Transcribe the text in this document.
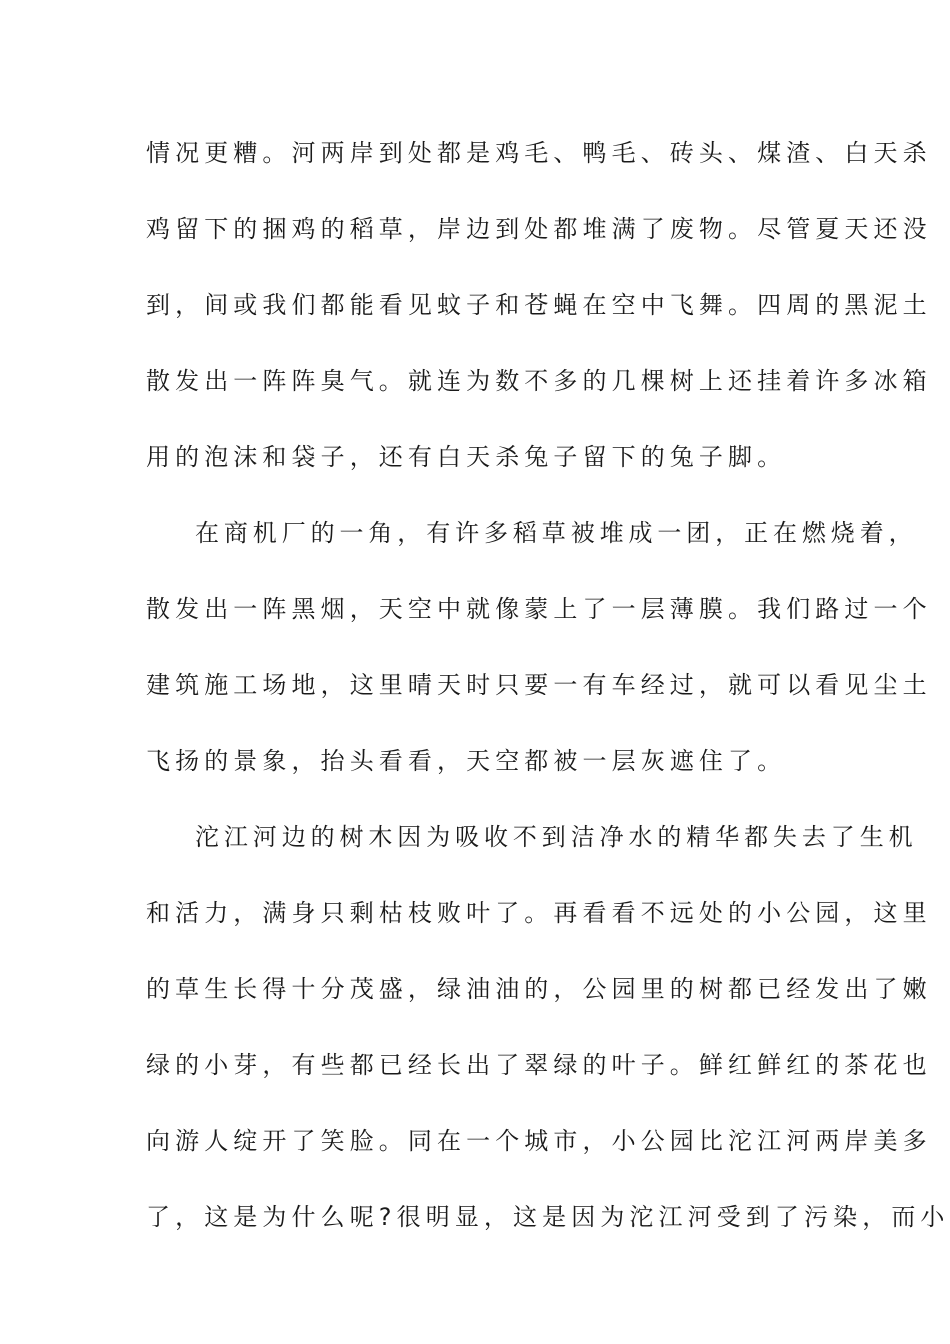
情况更糟。河两岸到处都是鸡毛、鸭毛、砖头、煤渣、白天杀
鸡留下的捆鸡的稻草，岸边到处都堆满了废物。尽管夏天还没
到，间或我们都能看见蚊子和苍蝇在空中飞舞。四周的黑泥土
散发出一阵阵臭气。就连为数不多的几棵树上还挂着许多冰箱
用的泡沫和袋子，还有白天杀兔子留下的兔子脚。
在商机厂的一角，有许多稻草被堆成一团，正在燃烧着，
散发出一阵黑烟，天空中就像蒙上了一层薄膜。我们路过一个
建筑施工场地，这里晴天时只要一有车经过，就可以看见尘土
飞扬的景象，抬头看看，天空都被一层灰遮住了。
沱江河边的树木因为吸收不到洁净水的精华都失去了生机
和活力，满身只剩枯枝败叶了。再看看不远处的小公园，这里
的草生长得十分茂盛，绿油油的，公园里的树都已经发出了嫩
绿的小芽，有些都已经长出了翠绿的叶子。鲜红鲜红的茶花也
向游人绽开了笑脸。同在一个城市，小公园比沱江河两岸美多
了，这是为什么呢?很明显，这是因为沱江河受到了污染，而小
